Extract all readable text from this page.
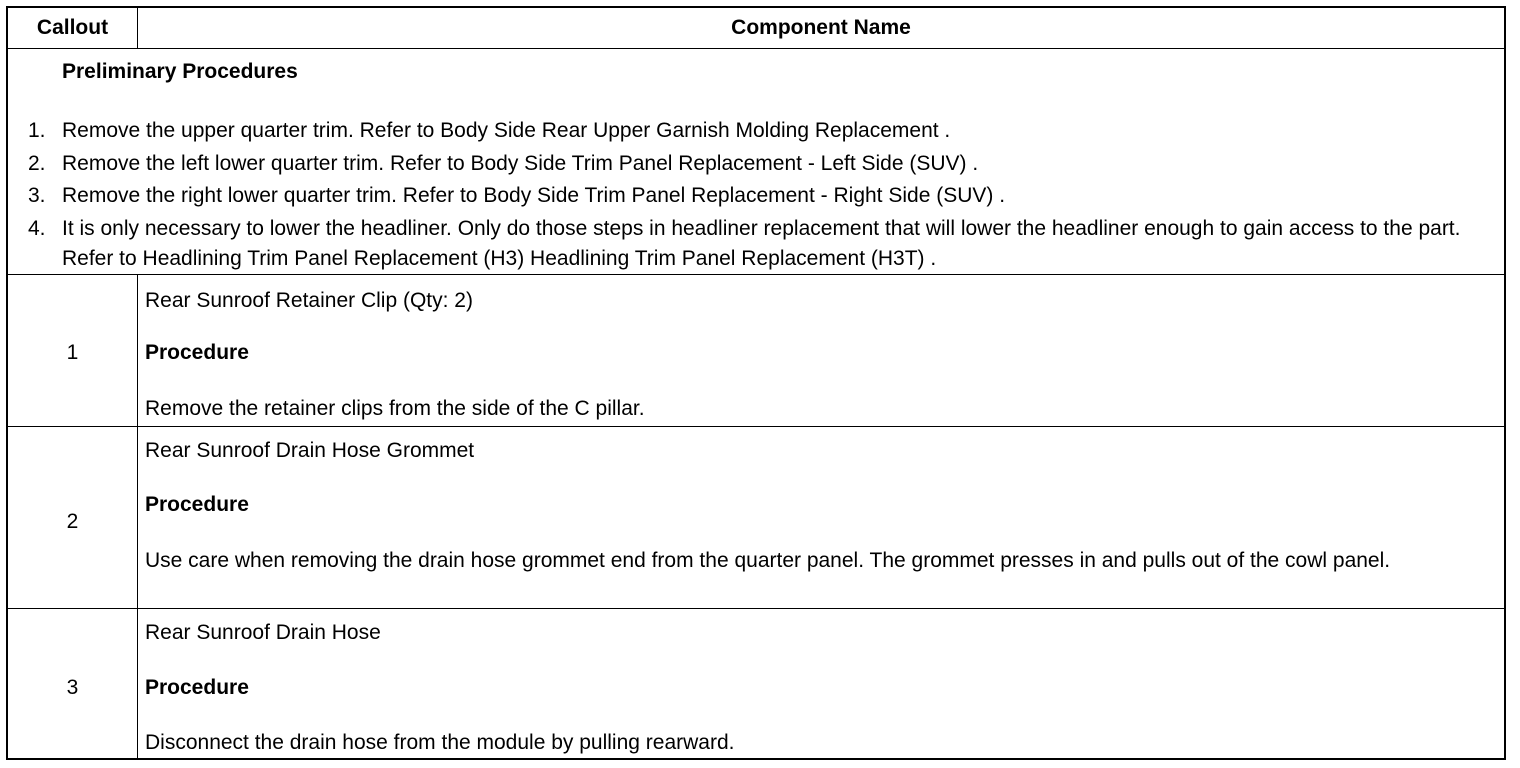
Callout	Component Name
Preliminary Procedures
1. Remove the upper quarter trim. Refer to Body Side Rear Upper Garnish Molding Replacement .
2. Remove the left lower quarter trim. Refer to Body Side Trim Panel Replacement - Left Side (SUV) .
3. Remove the right lower quarter trim. Refer to Body Side Trim Panel Replacement - Right Side (SUV) .
4. It is only necessary to lower the headliner. Only do those steps in headliner replacement that will lower the headliner enough to gain access to the part. Refer to Headlining Trim Panel Replacement (H3) Headlining Trim Panel Replacement (H3T) .
1
Rear Sunroof Retainer Clip (Qty: 2)
Procedure
Remove the retainer clips from the side of the C pillar.
2
Rear Sunroof Drain Hose Grommet
Procedure
Use care when removing the drain hose grommet end from the quarter panel. The grommet presses in and pulls out of the cowl panel.
3
Rear Sunroof Drain Hose
Procedure
Disconnect the drain hose from the module by pulling rearward.
